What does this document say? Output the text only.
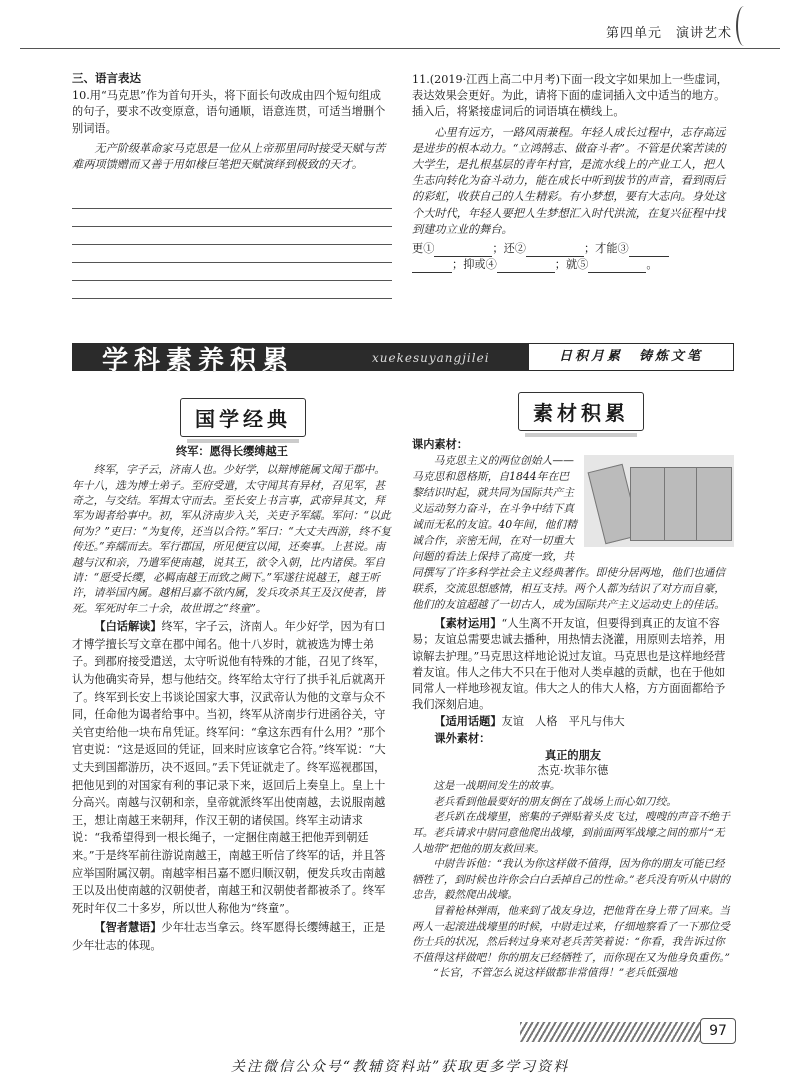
第四单元　演讲艺术

三、语言表达

10.用“马克思”作为首句开头，将下面长句改成由四个短句组成的句子，要求不改变原意，语句通顺，语意连贯，可适当增删个别词语。

无产阶级革命家马克思是一位从上帝那里同时接受天赋与苦难两项馈赠而又善于用如椽巨笔把天赋演绎到极致的天才。

11.(2019·江西上高二中月考)下面一段文字如果加上一些虚词，表达效果会更好。为此，请将下面的虚词插入文中适当的地方。插入后，将紧接虚词后的词语填在横线上。

心里有远方，一路风雨兼程。年轻人成长过程中，志存高远是进步的根本动力。“立鸿鹄志、做奋斗者”。不管是伏案苦读的大学生，是扎根基层的青年村官，是流水线上的产业工人，把人生志向转化为奋斗动力，能在成长中听到拔节的声音，看到雨后的彩虹，收获自己的人生精彩。有小梦想，要有大志向。身处这个大时代，年轻人要把人生梦想汇入时代洪流，在复兴征程中找到建功立业的舞台。

更①	；还②	；才能③
；抑或④	；就⑤	。

学科素养积累	xuekesuyangjilei	日积月累　铸炼文笔
国学经典

终军：愿得长缨缚越王

终军，字子云，济南人也。少好学，以辩博能属文闻于郡中。年十八，选为博士弟子。至府受遣，太守闻其有异材，召见军，甚奇之，与交结。军揖太守而去。至长安上书言事，武帝异其文，拜军为谒者给事中。初，军从济南步入关，关吏予军繻。军问：“以此何为？”吏曰：“为复传，还当以合符。”军曰：“大丈夫西游，终不复传还。”弃繻而去。军行郡国，所见便宜以闻，还奏事。上甚说。南越与汉和亲，乃遣军使南越，说其王，欲令入朝，比内诸侯。军自请：“愿受长缨，必羁南越王而致之阙下。”军遂往说越王，越王听许，请举国内属。越相吕嘉不欲内属，发兵攻杀其王及汉使者，皆死。军死时年二十余，故世谓之“终童”。

【白话解读】终军，字子云，济南人。年少好学，因为有口才博学擅长写文章在郡中闻名。他十八岁时，就被选为博士弟子。到郡府接受遣送，太守听说他有特殊的才能，召见了终军，认为他确实奇异，想与他结交。终军给太守行了拱手礼后就离开了。终军到长安上书谈论国家大事，汉武帝认为他的文章与众不同，任命他为谒者给事中。当初，终军从济南步行进函谷关，守关官吏给他一块布帛凭证。终军问：“拿这东西有什么用？”那个官吏说：“这是返回的凭证，回来时应该拿它合符。”终军说：“大丈夫到国都游历，决不返回。”丢下凭证就走了。终军巡视郡国，把他见到的对国家有利的事记录下来，返回后上奏皇上。皇上十分高兴。南越与汉朝和亲，皇帝就派终军出使南越，去说服南越王，想让南越王来朝拜，作汉王朝的诸侯国。终军主动请求说：“我希望得到一根长绳子，一定捆住南越王把他弄到朝廷来。”于是终军前往游说南越王，南越王听信了终军的话，并且答应举国附属汉朝。南越宰相吕嘉不愿归顺汉朝，便发兵攻击南越王以及出使南越的汉朝使者，南越王和汉朝使者都被杀了。终军死时年仅二十多岁，所以世人称他为“终童”。

【智者慧语】少年壮志当拿云。终军愿得长缨缚越王，正是少年壮志的体现。

素材积累

课内素材：

马克思主义的两位创始人——马克思和恩格斯，自1844年在巴黎结识时起，就共同为国际共产主义运动努力奋斗，在斗争中结下真诚而无私的友谊。40年间，他们精诚合作，亲密无间，在对一切重大问题的看法上保持了高度一致，共同撰写了许多科学社会主义经典著作。即使分居两地，他们也通信联系，交流思想感情，相互支持。两个人都为结识了对方而自豪，他们的友谊超越了一切古人，成为国际共产主义运动史上的佳话。

【素材运用】“人生离不开友谊，但要得到真正的友谊不容易；友谊总需要忠诚去播种，用热情去浇灌，用原则去培养，用谅解去护理。”马克思这样地论说过友谊。马克思也是这样地经营着友谊。伟人之伟大不只在于他对人类卓越的贡献，也在于他如同常人一样地珍视友谊。伟大之人的伟大人格，方方面面都给予我们深刻启迪。

【适用话题】友谊　人格　平凡与伟大

课外素材：

真正的朋友

杰克·坎菲尔德

这是一战期间发生的故事。

老兵看到他最要好的朋友倒在了战场上而心如刀绞。

老兵趴在战壕里，密集的子弹贴着头皮飞过，嗖嗖的声音不绝于耳。老兵请求中尉同意他爬出战壕，到前面两军战壕之间的那片“无人地带”把他的朋友救回来。

中尉告诉他：“我认为你这样做不值得，因为你的朋友可能已经牺牲了，到时候也许你会白白丢掉自己的性命。”老兵没有听从中尉的忠告，毅然爬出战壕。

冒着枪林弹雨，他来到了战友身边，把他背在身上带了回来。当两人一起滚进战壕里的时候，中尉走过来，仔细地察看了一下那位受伤士兵的状况，然后转过身来对老兵苦笑着说：“你看，我告诉过你不值得这样做吧！你的朋友已经牺牲了，而你现在又为他身负重伤。”

“长官，不管怎么说这样做都非常值得！”老兵低强地

97
关注微信公众号“教辅资料站”获取更多学习资料
